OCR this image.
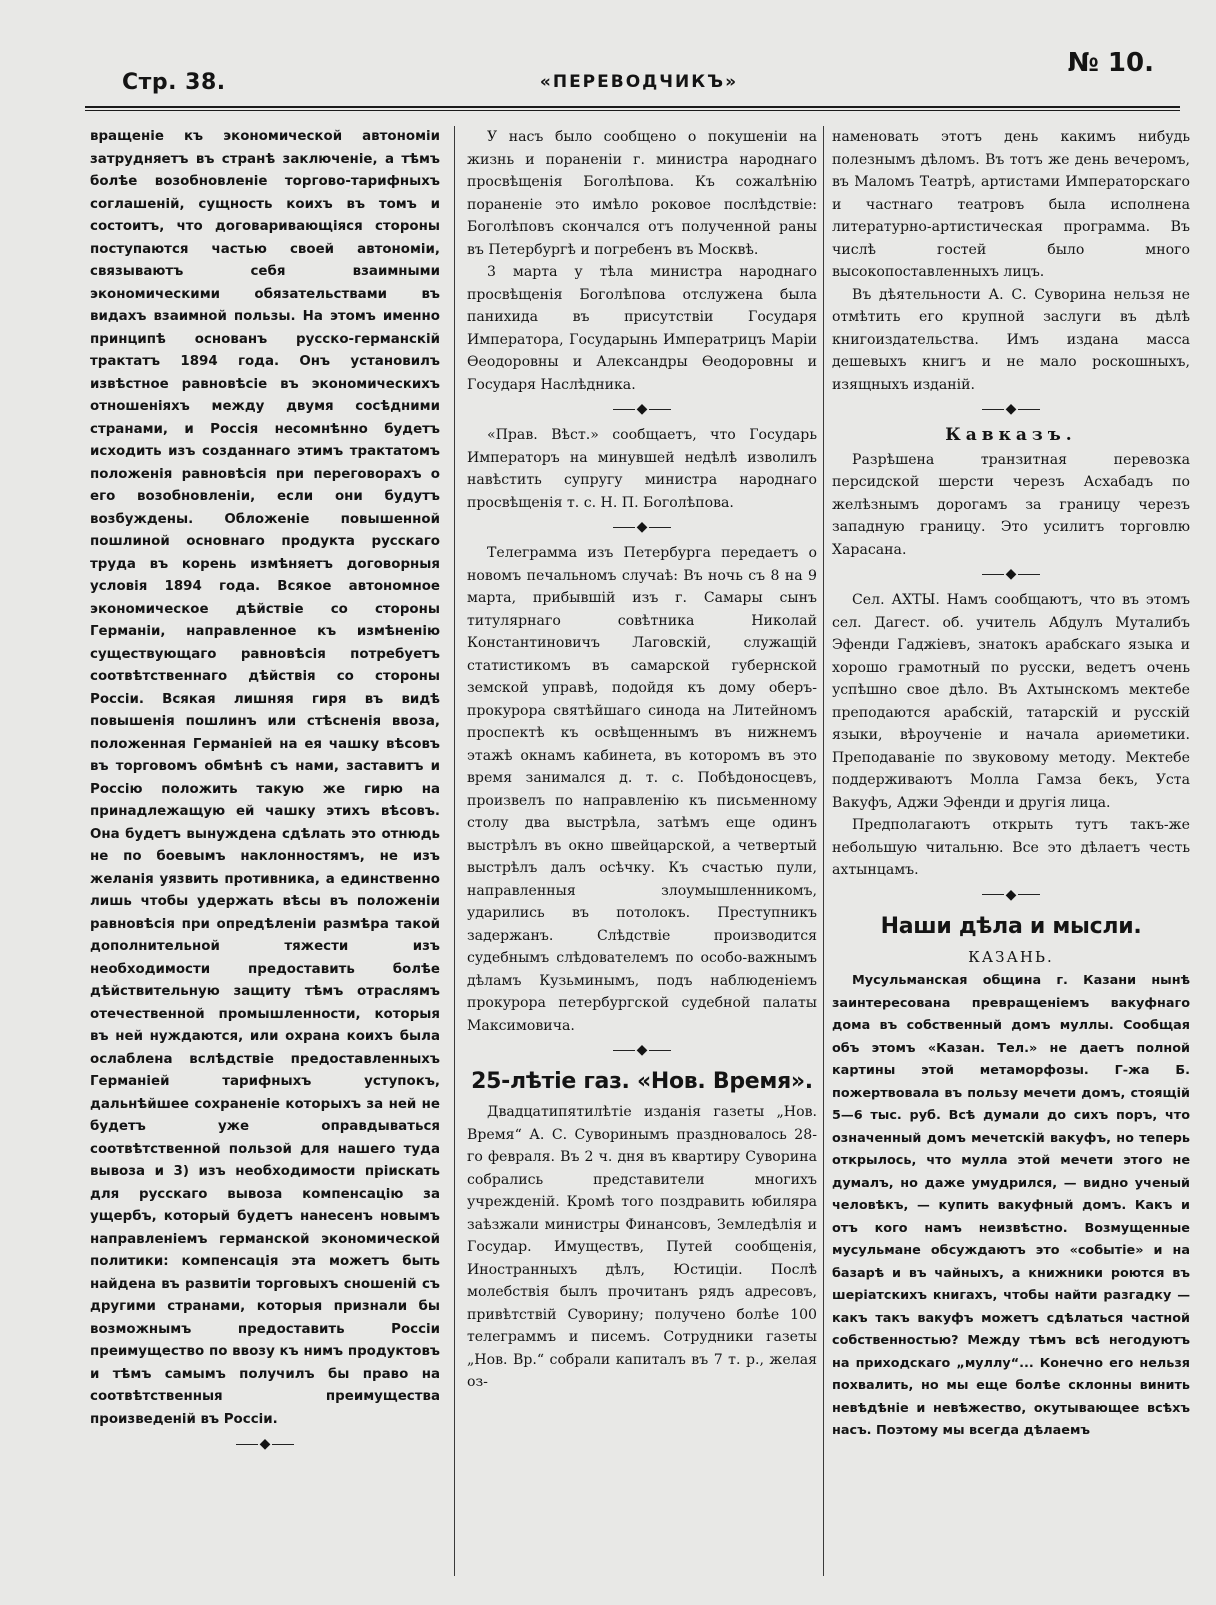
Стр. 38.	«ПЕРЕВОДЧИКЪ»
№ 10.

вращеніе къ экономической автономіи затрудняетъ въ странѣ заключеніе, а тѣмъ болѣе возобновленіе торгово-тарифныхъ соглашеній, сущность коихъ въ томъ и состоитъ, что договаривающіяся стороны поступаются частью своей автономіи, связываютъ себя взаимными экономическими обязательствами въ видахъ взаимной пользы. На этомъ именно принципѣ основанъ русско-германскій трактатъ 1894 года. Онъ установилъ извѣстное равновѣсіе въ экономическихъ отношеніяхъ между двумя сосѣдними странами, и Россія несомнѣнно будетъ исходить изъ созданнаго этимъ трактатомъ положенія равновѣсія при переговорахъ о его возобновленіи, если они будутъ возбуждены. Обложеніе повышенной пошлиной основнаго продукта русскаго труда въ корень измѣняетъ договорныя условія 1894 года. Всякое автономное экономическое дѣйствіе со стороны Германіи, направленное къ измѣненію существующаго равновѣсія потребуетъ соотвѣтственнаго дѣйствія со стороны Россіи. Всякая лишняя гиря въ видѣ повышенія пошлинъ или стѣсненія ввоза, положенная Германіей на ея чашку вѣсовъ въ торговомъ обмѣнѣ съ нами, заставитъ и Россію положить такую же гирю на принадлежащую ей чашку этихъ вѣсовъ. Она будетъ вынуждена сдѣлать это отнюдь не по боевымъ наклонностямъ, не изъ желанія уязвить противника, а единственно лишь чтобы удержать вѣсы въ положеніи равновѣсія при опредѣленіи размѣра такой дополнительной тяжести изъ необходимости предоставить болѣе дѣйствительную защиту тѣмъ отраслямъ отечественной промышленности, которыя въ ней нуждаются, или охрана коихъ была ослаблена вслѣдствіе предоставленныхъ Германіей тарифныхъ уступокъ, дальнѣйшее сохраненіе которыхъ за ней не будетъ уже оправдываться соотвѣтственной пользой для нашего туда вывоза и 3) изъ необходимости пріискать для русскаго вывоза компенсацію за ущербъ, который будетъ нанесенъ новымъ направленіемъ германской экономической политики: компенсація эта можетъ быть найдена въ развитіи торговыхъ сношеній съ другими странами, которыя признали бы возможнымъ предоставить Россіи преимущество по ввозу къ нимъ продуктовъ и тѣмъ самымъ получилъ бы право на соотвѣтственныя преимущества произведеній въ Россіи.

◆

У насъ было сообщено о покушеніи на жизнь и пораненіи г. министра народнаго просвѣщенія Боголѣпова. Къ сожалѣнію пораненіе это имѣло роковое послѣдствіе: Боголѣповъ скончался отъ полученной раны въ Петербургѣ и погребенъ въ Москвѣ.

3 марта у тѣла министра народнаго просвѣщенія Боголѣпова отслужена была панихида въ присутствіи Государя Императора, Государынь Императрицъ Маріи Ѳеодоровны и Александры Ѳеодоровны и Государя Наслѣдника.

◆

«Прав. Вѣст.» сообщаетъ, что Государь Императоръ на минувшей недѣлѣ изволилъ навѣстить супругу министра народнаго просвѣщенія т. с. Н. П. Боголѣпова.

◆

Телеграмма изъ Петербурга передаетъ о новомъ печальномъ случаѣ: Въ ночь съ 8 на 9 марта, прибывшій изъ г. Самары сынъ титулярнаго совѣтника Николай Константиновичъ Лаговскій, служащій статистикомъ въ самарской губернской земской управѣ, подойдя къ дому оберъ-прокурора святѣйшаго синода на Литейномъ проспектѣ къ освѣщеннымъ въ нижнемъ этажѣ окнамъ кабинета, въ которомъ въ это время занимался д. т. с. Побѣдоносцевъ, произвелъ по направленію къ письменному столу два выстрѣла, затѣмъ еще одинъ выстрѣлъ въ окно швейцарской, а четвертый выстрѣлъ далъ осѣчку. Къ счастью пули, направленныя злоумышленникомъ, ударились въ потолокъ. Преступникъ задержанъ. Слѣдствіе производится судебнымъ слѣдователемъ по особо-важнымъ дѣламъ Кузьминымъ, подъ наблюденіемъ прокурора петербургской судебной палаты Максимовича.

◆
25-лѣтіе газ. «Нов. Время».

Двадцатипятилѣтіе изданія газеты „Нов. Время“ А. С. Суворинымъ праздновалось 28-го февраля. Въ 2 ч. дня въ квартиру Суворина собрались представители многихъ учрежденій. Кромѣ того поздравить юбиляра заѣзжали министры Финансовъ, Земледѣлія и Государ. Имуществъ, Путей сообщенія, Иностранныхъ дѣлъ, Юстиціи. Послѣ молебствія былъ прочитанъ рядъ адресовъ, привѣтствій Суворину; получено болѣе 100 телеграммъ и писемъ. Сотрудники газеты „Нов. Вр.“ собрали капиталъ въ 7 т. р., желая оз-

наменовать этотъ день какимъ нибудь полезнымъ дѣломъ. Въ тотъ же день вечеромъ, въ Маломъ Театрѣ, артистами Императорскаго и частнаго театровъ была исполнена литературно-артистическая программа. Въ числѣ гостей было много высокопоставленныхъ лицъ.

Въ дѣятельности А. С. Суворина нельзя не отмѣтить его крупной заслуги въ дѣлѣ книгоиздательства. Имъ издана масса дешевыхъ книгъ и не мало роскошныхъ, изящныхъ изданій.

◆
Кавказъ.

Разрѣшена транзитная перевозка персидской шерсти черезъ Асхабадъ по желѣзнымъ дорогамъ за границу черезъ западную границу. Это усилитъ торговлю Харасана.

◆

Сел. АХТЫ. Намъ сообщаютъ, что въ этомъ сел. Дагест. об. учитель Абдулъ Муталибъ Эфенди Гаджіевъ, знатокъ арабскаго языка и хорошо грамотный по русски, ведетъ очень успѣшно свое дѣло. Въ Ахтынскомъ мектебе преподаются арабскій, татарскій и русскій языки, вѣроученіе и начала ариѳметики. Преподаваніе по звуковому методу. Мектебе поддерживаютъ Молла Гамза бекъ, Уста Вакуфъ, Аджи Эфенди и другія лица.

Предполагаютъ открыть тутъ такъ-же небольшую читальню. Все это дѣлаетъ честь ахтынцамъ.

◆
Наши дѣла и мысли.
КАЗАНЬ.

Мусульманская община г. Казани нынѣ заинтересована превращеніемъ вакуфнаго дома въ собственный домъ муллы. Сообщая объ этомъ «Казан. Тел.» не даетъ полной картины этой метаморфозы. Г-жа Б. пожертвовала въ пользу мечети домъ, стоящій 5—6 тыс. руб. Всѣ думали до сихъ поръ, что означенный домъ мечетскій вакуфъ, но теперь открылось, что мулла этой мечети этого не думалъ, но даже умудрился, — видно ученый человѣкъ, — купить вакуфный домъ. Какъ и отъ кого намъ неизвѣстно. Возмущенные мусульмане обсуждаютъ это «событіе» и на базарѣ и въ чайныхъ, а книжники роются въ шеріатскихъ книгахъ, чтобы найти разгадку — какъ такъ вакуфъ можетъ сдѣлаться частной собственностью? Между тѣмъ всѣ негодуютъ на приходскаго „муллу“... Конечно его нельзя похвалить, но мы еще болѣе склонны винить невѣдѣніе и невѣжество, окутывающее всѣхъ насъ. Поэтому мы всегда дѣлаемъ
